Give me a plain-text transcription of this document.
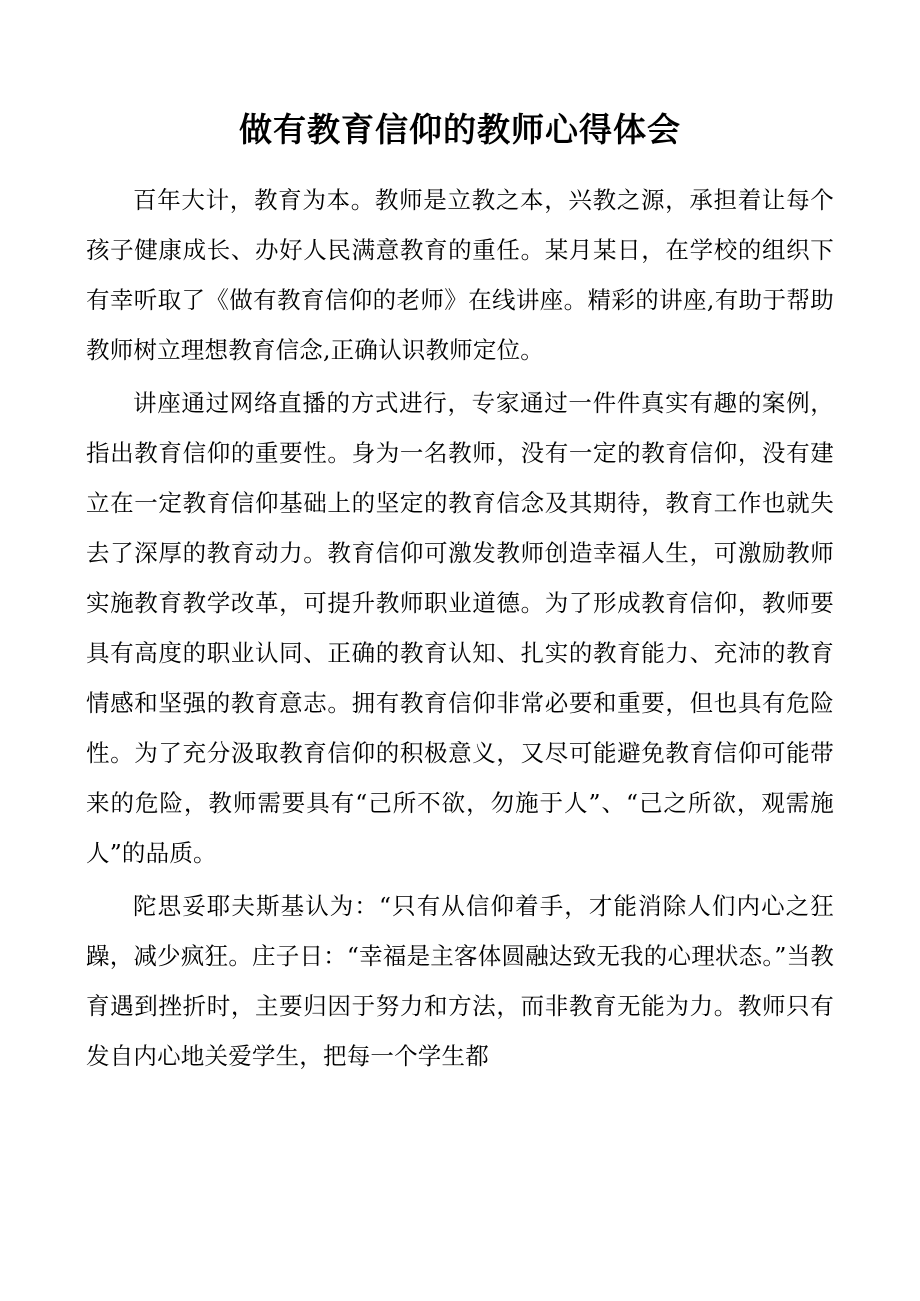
做有教育信仰的教师心得体会

百年大计，教育为本。教师是立教之本，兴教之源，承担着让每个孩子健康成长、办好人民满意教育的重任。某月某日，在学校的组织下有幸听取了《做有教育信仰的老师》在线讲座。精彩的讲座,有助于帮助教师树立理想教育信念,正确认识教师定位。

讲座通过网络直播的方式进行，专家通过一件件真实有趣的案例，指出教育信仰的重要性。身为一名教师，没有一定的教育信仰，没有建立在一定教育信仰基础上的坚定的教育信念及其期待，教育工作也就失去了深厚的教育动力。教育信仰可激发教师创造幸福人生，可激励教师实施教育教学改革，可提升教师职业道德。为了形成教育信仰，教师要具有高度的职业认同、正确的教育认知、扎实的教育能力、充沛的教育情感和坚强的教育意志。拥有教育信仰非常必要和重要，但也具有危险性。为了充分汲取教育信仰的积极意义，又尽可能避免教育信仰可能带来的危险，教师需要具有“己所不欲，勿施于人”、“己之所欲，观需施人”的品质。

陀思妥耶夫斯基认为：“只有从信仰着手，才能消除人们内心之狂躁，减少疯狂。庄子日：“幸福是主客体圆融达致无我的心理状态。”当教育遇到挫折时，主要归因于努力和方法，而非教育无能为力。教师只有发自内心地关爱学生，把每一个学生都
